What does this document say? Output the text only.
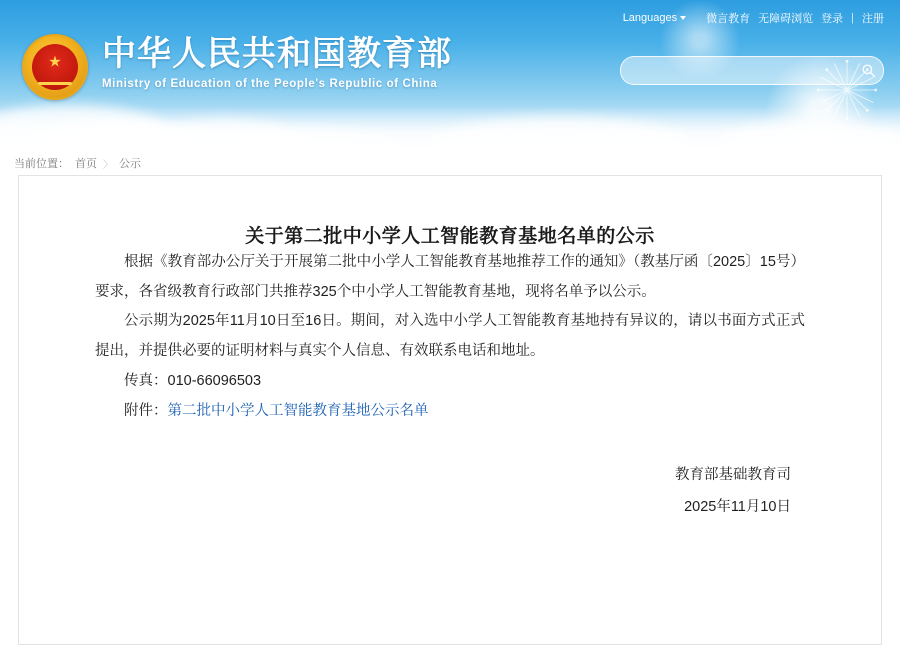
Languages	微言教育 无障碍浏览 登录 | 注册
★ 中华人民共和国教育部
Ministry of Education of the People's Republic of China
当前位置： 首页 〉 公示
关于第二批中小学人工智能教育基地名单的公示

根据《教育部办公厅关于开展第二批中小学人工智能教育基地推荐工作的通知》（教基厅函〔2025〕15号）要求，各省级教育行政部门共推荐325个中小学人工智能教育基地，现将名单予以公示。

公示期为2025年11月10日至16日。期间，对入选中小学人工智能教育基地持有异议的，请以书面方式正式提出，并提供必要的证明材料与真实个人信息、有效联系电话和地址。

传真：010-66096503

附件：第二批中小学人工智能教育基地公示名单

教育部基础教育司
2025年11月10日
